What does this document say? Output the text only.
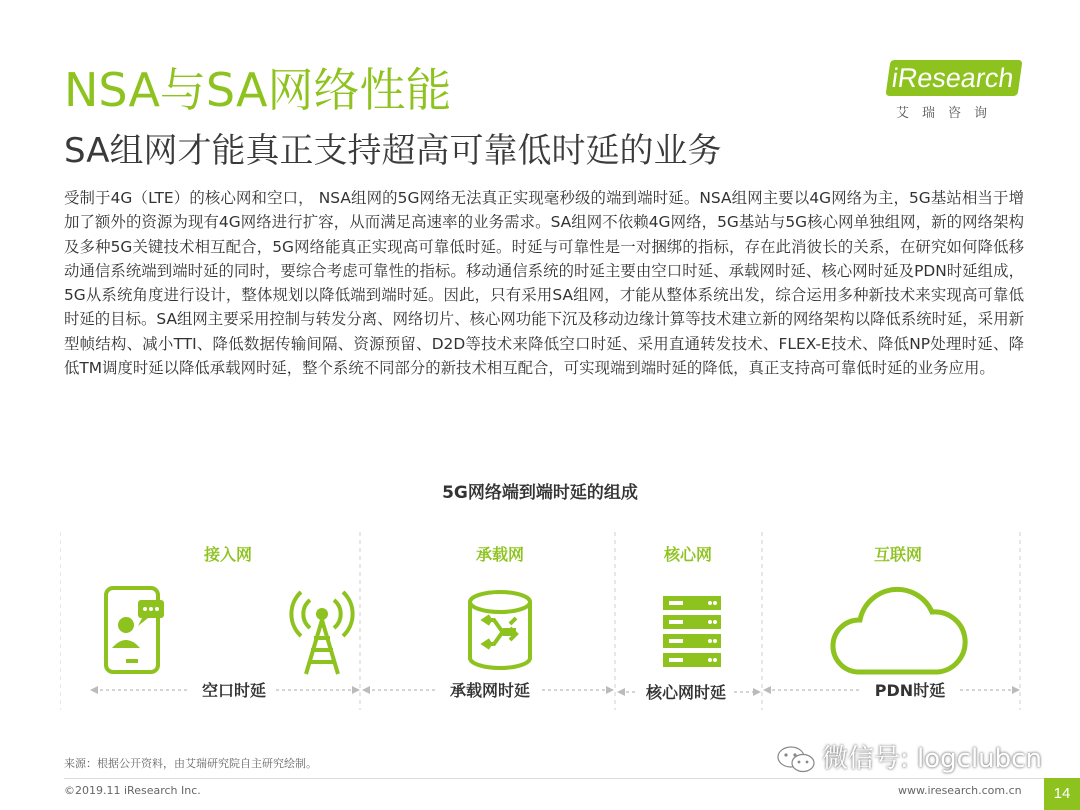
NSA与SA网络性能
SA组网才能真正支持超高可靠低时延的业务
iResearch
艾瑞咨询
受制于4G（LTE）的核心网和空口， NSA组网的5G网络无法真正实现毫秒级的端到端时延。NSA组网主要以4G网络为主，5G基站相当于增加了额外的资源为现有4G网络进行扩容，从而满足高速率的业务需求。SA组网不依赖4G网络，5G基站与5G核心网单独组网，新的网络架构及多种5G关键技术相互配合，5G网络能真正实现高可靠低时延。时延与可靠性是一对捆绑的指标，存在此消彼长的关系，在研究如何降低移动通信系统端到端时延的同时，要综合考虑可靠性的指标。移动通信系统的时延主要由空口时延、承载网时延、核心网时延及PDN时延组成，5G从系统角度进行设计，整体规划以降低端到端时延。因此，只有采用SA组网，才能从整体系统出发，综合运用多种新技术来实现高可靠低时延的目标。SA组网主要采用控制与转发分离、网络切片、核心网功能下沉及移动边缘计算等技术建立新的网络架构以降低系统时延，采用新型帧结构、减小TTI、降低数据传输间隔、资源预留、D2D等技术来降低空口时延、采用直通转发技术、FLEX-E技术、降低NP处理时延、降低TM调度时延以降低承载网时延，整个系统不同部分的新技术相互配合，可实现端到端时延的降低，真正支持高可靠低时延的业务应用。
5G网络端到端时延的组成
接入网	承载网	核心网	互联网
空口时延	承载网时延	核心网时延	PDN时延
来源：根据公开资料，由艾瑞研究院自主研究绘制。
©2019.11 iResearch Inc.	www.iresearch.com.cn	14
微信号: logclubcn
